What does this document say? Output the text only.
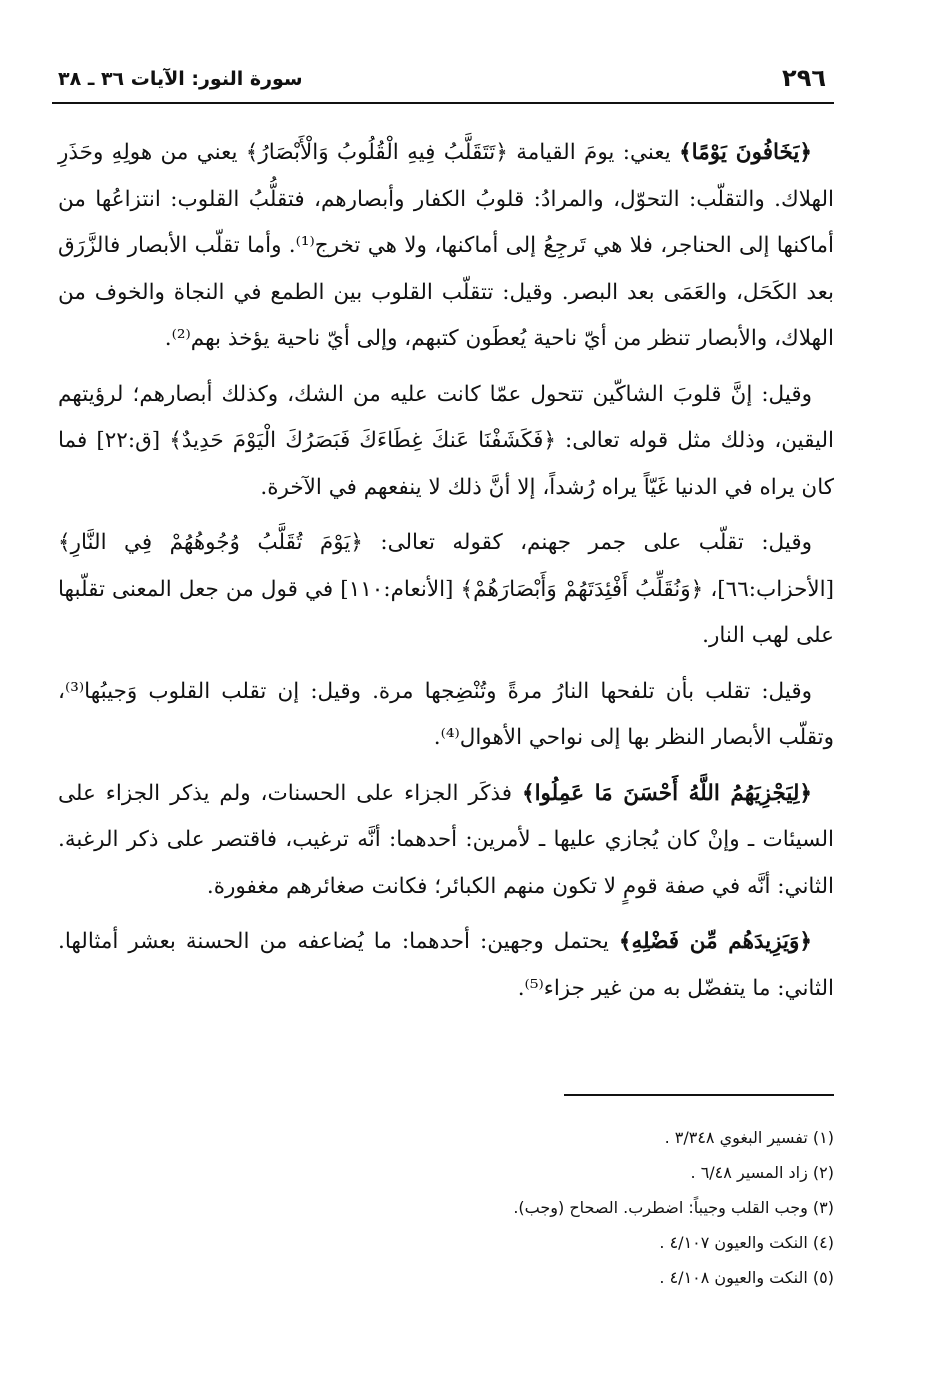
٢٩٦
سورة النور: الآيات ٣٦ ـ ٣٨

﴿يَخَافُونَ يَوْمًا﴾ يعني: يومَ القيامة ﴿تَتَقَلَّبُ فِيهِ الْقُلُوبُ وَالْأَبْصَارُ﴾ يعني من هولِهِ وحَذَرِ الهلاك. والتقلّب: التحوّل، والمرادُ: قلوبُ الكفار وأبصارهم، فتقلُّبُ القلوب: انتزاعُها من أماكنها إلى الحناجر، فلا هي تَرجِعُ إلى أماكنها، ولا هي تخرج⁽¹⁾. وأما تقلّب الأبصار فالزَّرَق بعد الكَحَل، والعَمَى بعد البصر. وقيل: تتقلّب القلوب بين الطمع في النجاة والخوف من الهلاك، والأبصار تنظر من أيّ ناحية يُعطَون كتبهم، وإلى أيّ ناحية يؤخذ بهم⁽²⁾.

وقيل: إنَّ قلوبَ الشاكّين تتحول عمّا كانت عليه من الشك، وكذلك أبصارهم؛ لرؤيتهم اليقين، وذلك مثل قوله تعالى: ﴿فَكَشَفْنَا عَنكَ غِطَاءَكَ فَبَصَرُكَ الْيَوْمَ حَدِيدٌ﴾ [ق:٢٢] فما كان يراه في الدنيا غَيّاً يراه رُشداً، إلا أنَّ ذلك لا ينفعهم في الآخرة.

وقيل: تقلّب على جمر جهنم، كقوله تعالى: ﴿يَوْمَ تُقَلَّبُ وُجُوهُهُمْ فِي النَّارِ﴾ [الأحزاب:٦٦]، ﴿وَنُقَلِّبُ أَفْئِدَتَهُمْ وَأَبْصَارَهُمْ﴾ [الأنعام:١١٠] في قول من جعل المعنى تقلّبها على لهب النار.

وقيل: تقلب بأن تلفحها النارُ مرةً وتُنْضِجها مرة. وقيل: إن تقلب القلوب وَجيبُها⁽³⁾، وتقلّب الأبصار النظر بها إلى نواحي الأهوال⁽⁴⁾.

﴿لِيَجْزِيَهُمُ اللَّهُ أَحْسَنَ مَا عَمِلُوا﴾ فذكَر الجزاء على الحسنات، ولم يذكر الجزاء على السيئات ـ وإنْ كان يُجازي عليها ـ لأمرين: أحدهما: أنَّه ترغيب، فاقتصر على ذكر الرغبة. الثاني: أنَّه في صفة قومٍ لا تكون منهم الكبائر؛ فكانت صغائرهم مغفورة.

﴿وَيَزِيدَهُم مِّن فَضْلِهِ﴾ يحتمل وجهين: أحدهما: ما يُضاعفه من الحسنة بعشر أمثالها. الثاني: ما يتفضّل به من غير جزاء⁽⁵⁾.

(١) تفسير البغوي ٣/٣٤٨ .
(٢) زاد المسير ٦/٤٨ .
(٣) وجب القلب وجيباً: اضطرب. الصحاح (وجب).
(٤) النكت والعيون ٤/١٠٧ .
(٥) النكت والعيون ٤/١٠٨ .
